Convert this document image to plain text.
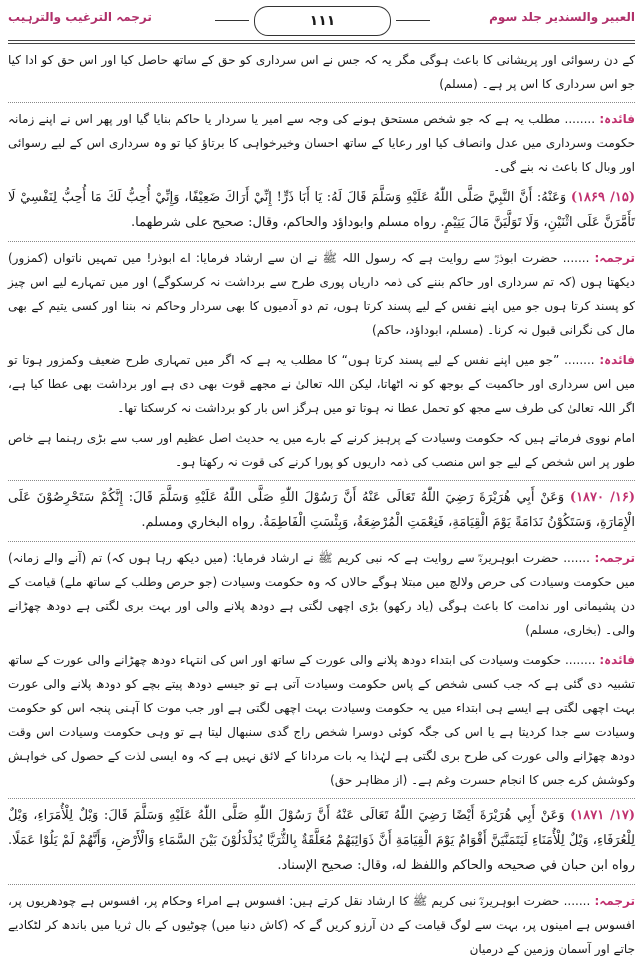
ترجمہ الترغیب والترہیب	۱۱۱	العبیر والسندیر جلد سوم

کے دن رسوائی اور پریشانی کا باعث ہوگی مگر یہ کہ جس نے اس سرداری کو حق کے ساتھ حاصل کیا اور اس حق کو ادا کیا جو اس سرداری کا اس پر ہے۔ (مسلم)

فائدہ: ........ مطلب یہ ہے کہ جو شخص مستحق ہونے کی وجہ سے امیر یا سردار یا حاکم بنایا گیا اور پھر اس نے اپنے زمانہ حکومت وسرداری میں عدل وانصاف کیا اور رعایا کے ساتھ احسان وخیرخواہی کا برتاؤ کیا تو وہ سرداری اس کے لیے رسوائی اور وبال کا باعث نہ بنے گی۔

(۱۵/ ۱۸۶۹) وَعَنْهُ: أَنَّ النَّبِيَّ صَلَّى اللّٰهُ عَلَيْهِ وَسَلَّمَ قَالَ لَهُ: يَا أَبَا ذَرٍّ! إِنِّيْ أَرَاكَ ضَعِيْفًا، وَإِنِّيْ أُحِبُّ لَكَ مَا أُحِبُّ لِنَفْسِيْ لَا تَأَمَّرَنَّ عَلَى اثْنَيْنِ، وَلَا تَوَلَّيَنَّ مَالَ يَتِيْمٍ. رواه مسلم وابوداؤد والحاكم، وقال: صحيح على شرطهما.

ترجمہ: ....... حضرت ابوذرؓ سے روایت ہے کہ رسول اللہ ﷺ نے ان سے ارشاد فرمایا: اے ابوذر! میں تمہیں ناتواں (کمزور) دیکھتا ہوں (کہ تم سرداری اور حاکم بننے کی ذمہ داریاں پوری طرح سے برداشت نہ کرسکوگے) اور میں تمہارے لیے اس چیز کو پسند کرتا ہوں جو میں اپنے نفس کے لیے پسند کرتا ہوں، تم دو آدمیوں کا بھی سردار وحاکم نہ بننا اور کسی یتیم کے بھی مال کی نگرانی قبول نہ کرنا۔ (مسلم، ابوداؤد، حاکم)

فائدہ: ........ ”جو میں اپنے نفس کے لیے پسند کرتا ہوں“ کا مطلب یہ ہے کہ اگر میں تمہاری طرح ضعیف وکمزور ہوتا تو میں اس سرداری اور حاکمیت کے بوجھ کو نہ اٹھاتا، لیکن اللہ تعالیٰ نے مجھے قوت بھی دی ہے اور برداشت بھی عطا کیا ہے، اگر اللہ تعالیٰ کی طرف سے مجھ کو تحمل عطا نہ ہوتا تو میں ہرگز اس بار کو برداشت نہ کرسکتا تھا۔

امام نووی فرماتے ہیں کہ حکومت وسیادت کے پرہیز کرنے کے بارے میں یہ حدیث اصل عظیم اور سب سے بڑی رہنما ہے خاص طور پر اس شخص کے لیے جو اس منصب کی ذمہ داریوں کو پورا کرنے کی قوت نہ رکھتا ہو۔

(۱۶/ ۱۸۷۰) وَعَنْ أَبِي هُرَيْرَةَ رَضِيَ اللّٰهُ تَعَالَى عَنْهُ أَنَّ رَسُوْلَ اللّٰهِ صَلَّى اللّٰهُ عَلَيْهِ وَسَلَّمَ قَالَ: إِنَّكُمْ سَتَحْرِصُوْنَ عَلَى الْإِمَارَةِ، وَسَتَكُوْنُ نَدَامَةً يَوْمَ الْقِيَامَةِ، فَنِعْمَتِ الْمُرْضِعَةُ، وَبِئْسَتِ الْفَاطِمَةُ. رواه البخاري ومسلم.

ترجمہ: ....... حضرت ابوہریرہؓ سے روایت ہے کہ نبی کریم ﷺ نے ارشاد فرمایا: (میں دیکھ رہا ہوں کہ) تم (آنے والے زمانہ) میں حکومت وسیادت کی حرص ولالچ میں مبتلا ہوگے حالاں کہ وہ حکومت وسیادت (جو حرص وطلب کے ساتھ ملے) قیامت کے دن پشیمانی اور ندامت کا باعث ہوگی (یاد رکھو) بڑی اچھی لگتی ہے دودھ پلانے والی اور بہت بری لگتی ہے دودھ چھڑانے والی۔ (بخاری، مسلم)

فائدہ: ........ حکومت وسیادت کی ابتداء دودھ پلانے والی عورت کے ساتھ اور اس کی انتہاء دودھ چھڑانے والی عورت کے ساتھ تشبیہ دی گئی ہے کہ جب کسی شخص کے پاس حکومت وسیادت آتی ہے تو جیسے دودھ پیتے بچے کو دودھ پلانے والی عورت بہت اچھی لگتی ہے ایسے ہی ابتداء میں یہ حکومت وسیادت بہت اچھی لگتی ہے اور جب موت کا آہنی پنجہ اس کو حکومت وسیادت سے جدا کردیتا ہے یا اس کی جگہ کوئی دوسرا شخص راج گدی سنبھال لیتا ہے تو وہی حکومت وسیادت اس وقت دودھ چھڑانے والی عورت کی طرح بری لگتی ہے لہٰذا یہ بات مردانا کے لائق نہیں ہے کہ وہ ایسی لذت کے حصول کی خواہش وکوشش کرے جس کا انجام حسرت وغم ہے۔ (از مظاہر حق)

(۱۷/ ۱۸۷۱) وَعَنْ أَبِي هُرَيْرَةَ أَيْضًا رَضِيَ اللّٰهُ تَعَالَى عَنْهُ أَنَّ رَسُوْلَ اللّٰهِ صَلَّى اللّٰهُ عَلَيْهِ وَسَلَّمَ قَالَ: وَيْلٌ لِلْأُمَرَاءِ، وَيْلٌ لِلْعُرَفَاءِ، وَيْلٌ لِلْأُمَنَاءِ لَيَتَمَنَّيَنَّ أَقْوَامٌ يَوْمَ الْقِيَامَةِ أَنَّ ذَوَائِبَهُمْ مُعَلَّقَةٌ بِالثُّرَيَّا يُدَلْدَلُوْنَ بَيْنَ السَّمَاءِ وَالْأَرْضِ، وَأَنَّهُمْ لَمْ يَلُوْا عَمَلًا. رواه ابن حبان في صحيحه والحاكم واللفظ له، وقال: صحيح الإسناد.

ترجمہ: ....... حضرت ابوہریرہؓ نبی کریم ﷺ کا ارشاد نقل کرتے ہیں: افسوس ہے امراء وحکام پر، افسوس ہے چودھریوں پر، افسوس ہے امینوں پر، بہت سے لوگ قیامت کے دن آرزو کریں گے کہ (کاش دنیا میں) چوٹیوں کے بال ثریا میں باندھ کر لٹکادیے جاتے اور آسمان وزمین کے درمیان
